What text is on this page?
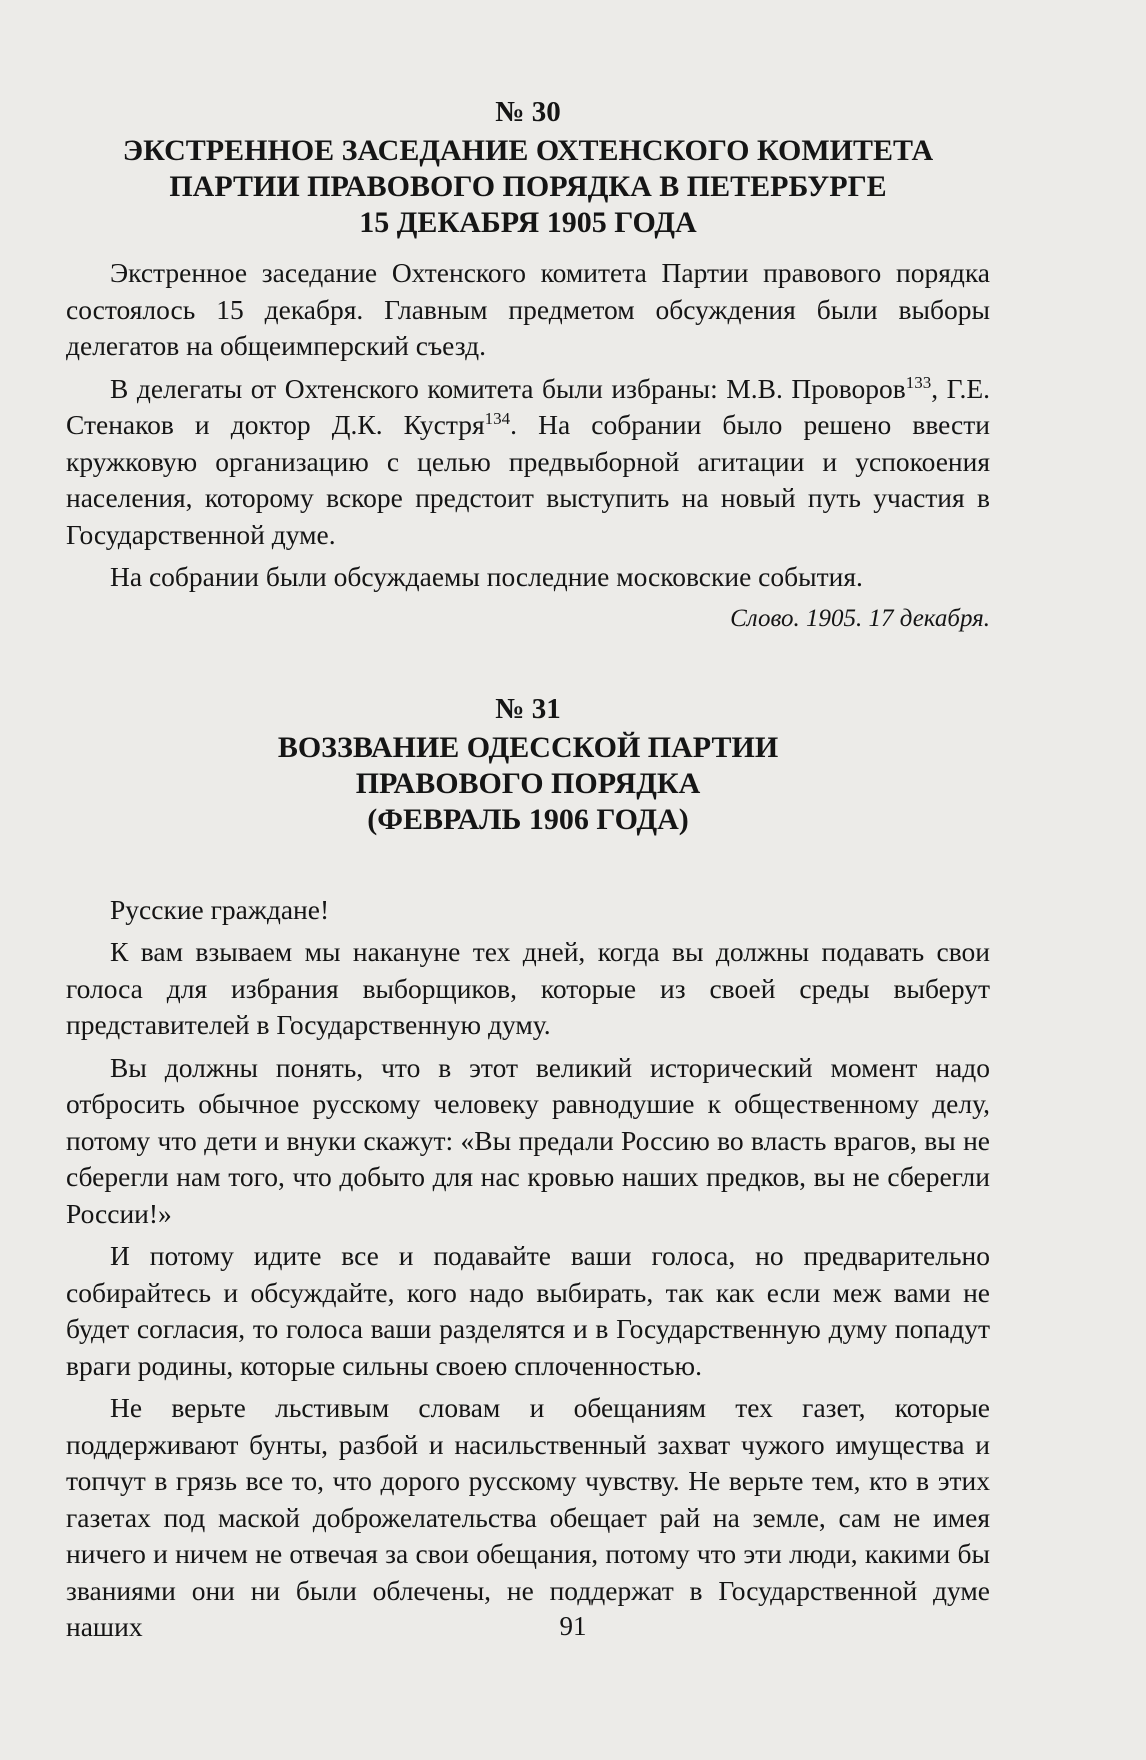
№ 30
ЭКСТРЕННОЕ ЗАСЕДАНИЕ ОХТЕНСКОГО КОМИТЕТА
ПАРТИИ ПРАВОВОГО ПОРЯДКА В ПЕТЕРБУРГЕ
15 ДЕКАБРЯ 1905 ГОДА

Экстренное заседание Охтенского комитета Партии правового порядка состоялось 15 декабря. Главным предметом обсуждения были выборы делегатов на общеимперский съезд.

В делегаты от Охтенского комитета были избраны: М.В. Проворов$^{133}$, Г.Е. Стенаков и доктор Д.К. Кустря$^{134}$. На собрании было решено ввести кружковую организацию с целью предвыборной агитации и успокоения населения, которому вскоре предстоит выступить на новый путь участия в Государственной думе.

На собрании были обсуждаемы последние московские события.

Слово. 1905. 17 декабря.

№ 31
ВОЗЗВАНИЕ ОДЕССКОЙ ПАРТИИ
ПРАВОВОГО ПОРЯДКА
(ФЕВРАЛЬ 1906 ГОДА)

Русские граждане!

К вам взываем мы накануне тех дней, когда вы должны подавать свои голоса для избрания выборщиков, которые из своей среды выберут представителей в Государственную думу.

Вы должны понять, что в этот великий исторический момент надо отбросить обычное русскому человеку равнодушие к общественному делу, потому что дети и внуки скажут: «Вы предали Россию во власть врагов, вы не сберегли нам того, что добыто для нас кровью наших предков, вы не сберегли России!»

И потому идите все и подавайте ваши голоса, но предварительно собирайтесь и обсуждайте, кого надо выбирать, так как если меж вами не будет согласия, то голоса ваши разделятся и в Государственную думу попадут враги родины, которые сильны своею сплоченностью.

Не верьте льстивым словам и обещаниям тех газет, которые поддерживают бунты, разбой и насильственный захват чужого имущества и топчут в грязь все то, что дорого русскому чувству. Не верьте тем, кто в этих газетах под маской доброжелательства обещает рай на земле, сам не имея ничего и ничем не отвечая за свои обещания, потому что эти люди, какими бы званиями они ни были облечены, не поддержат в Государственной думе наших	91
